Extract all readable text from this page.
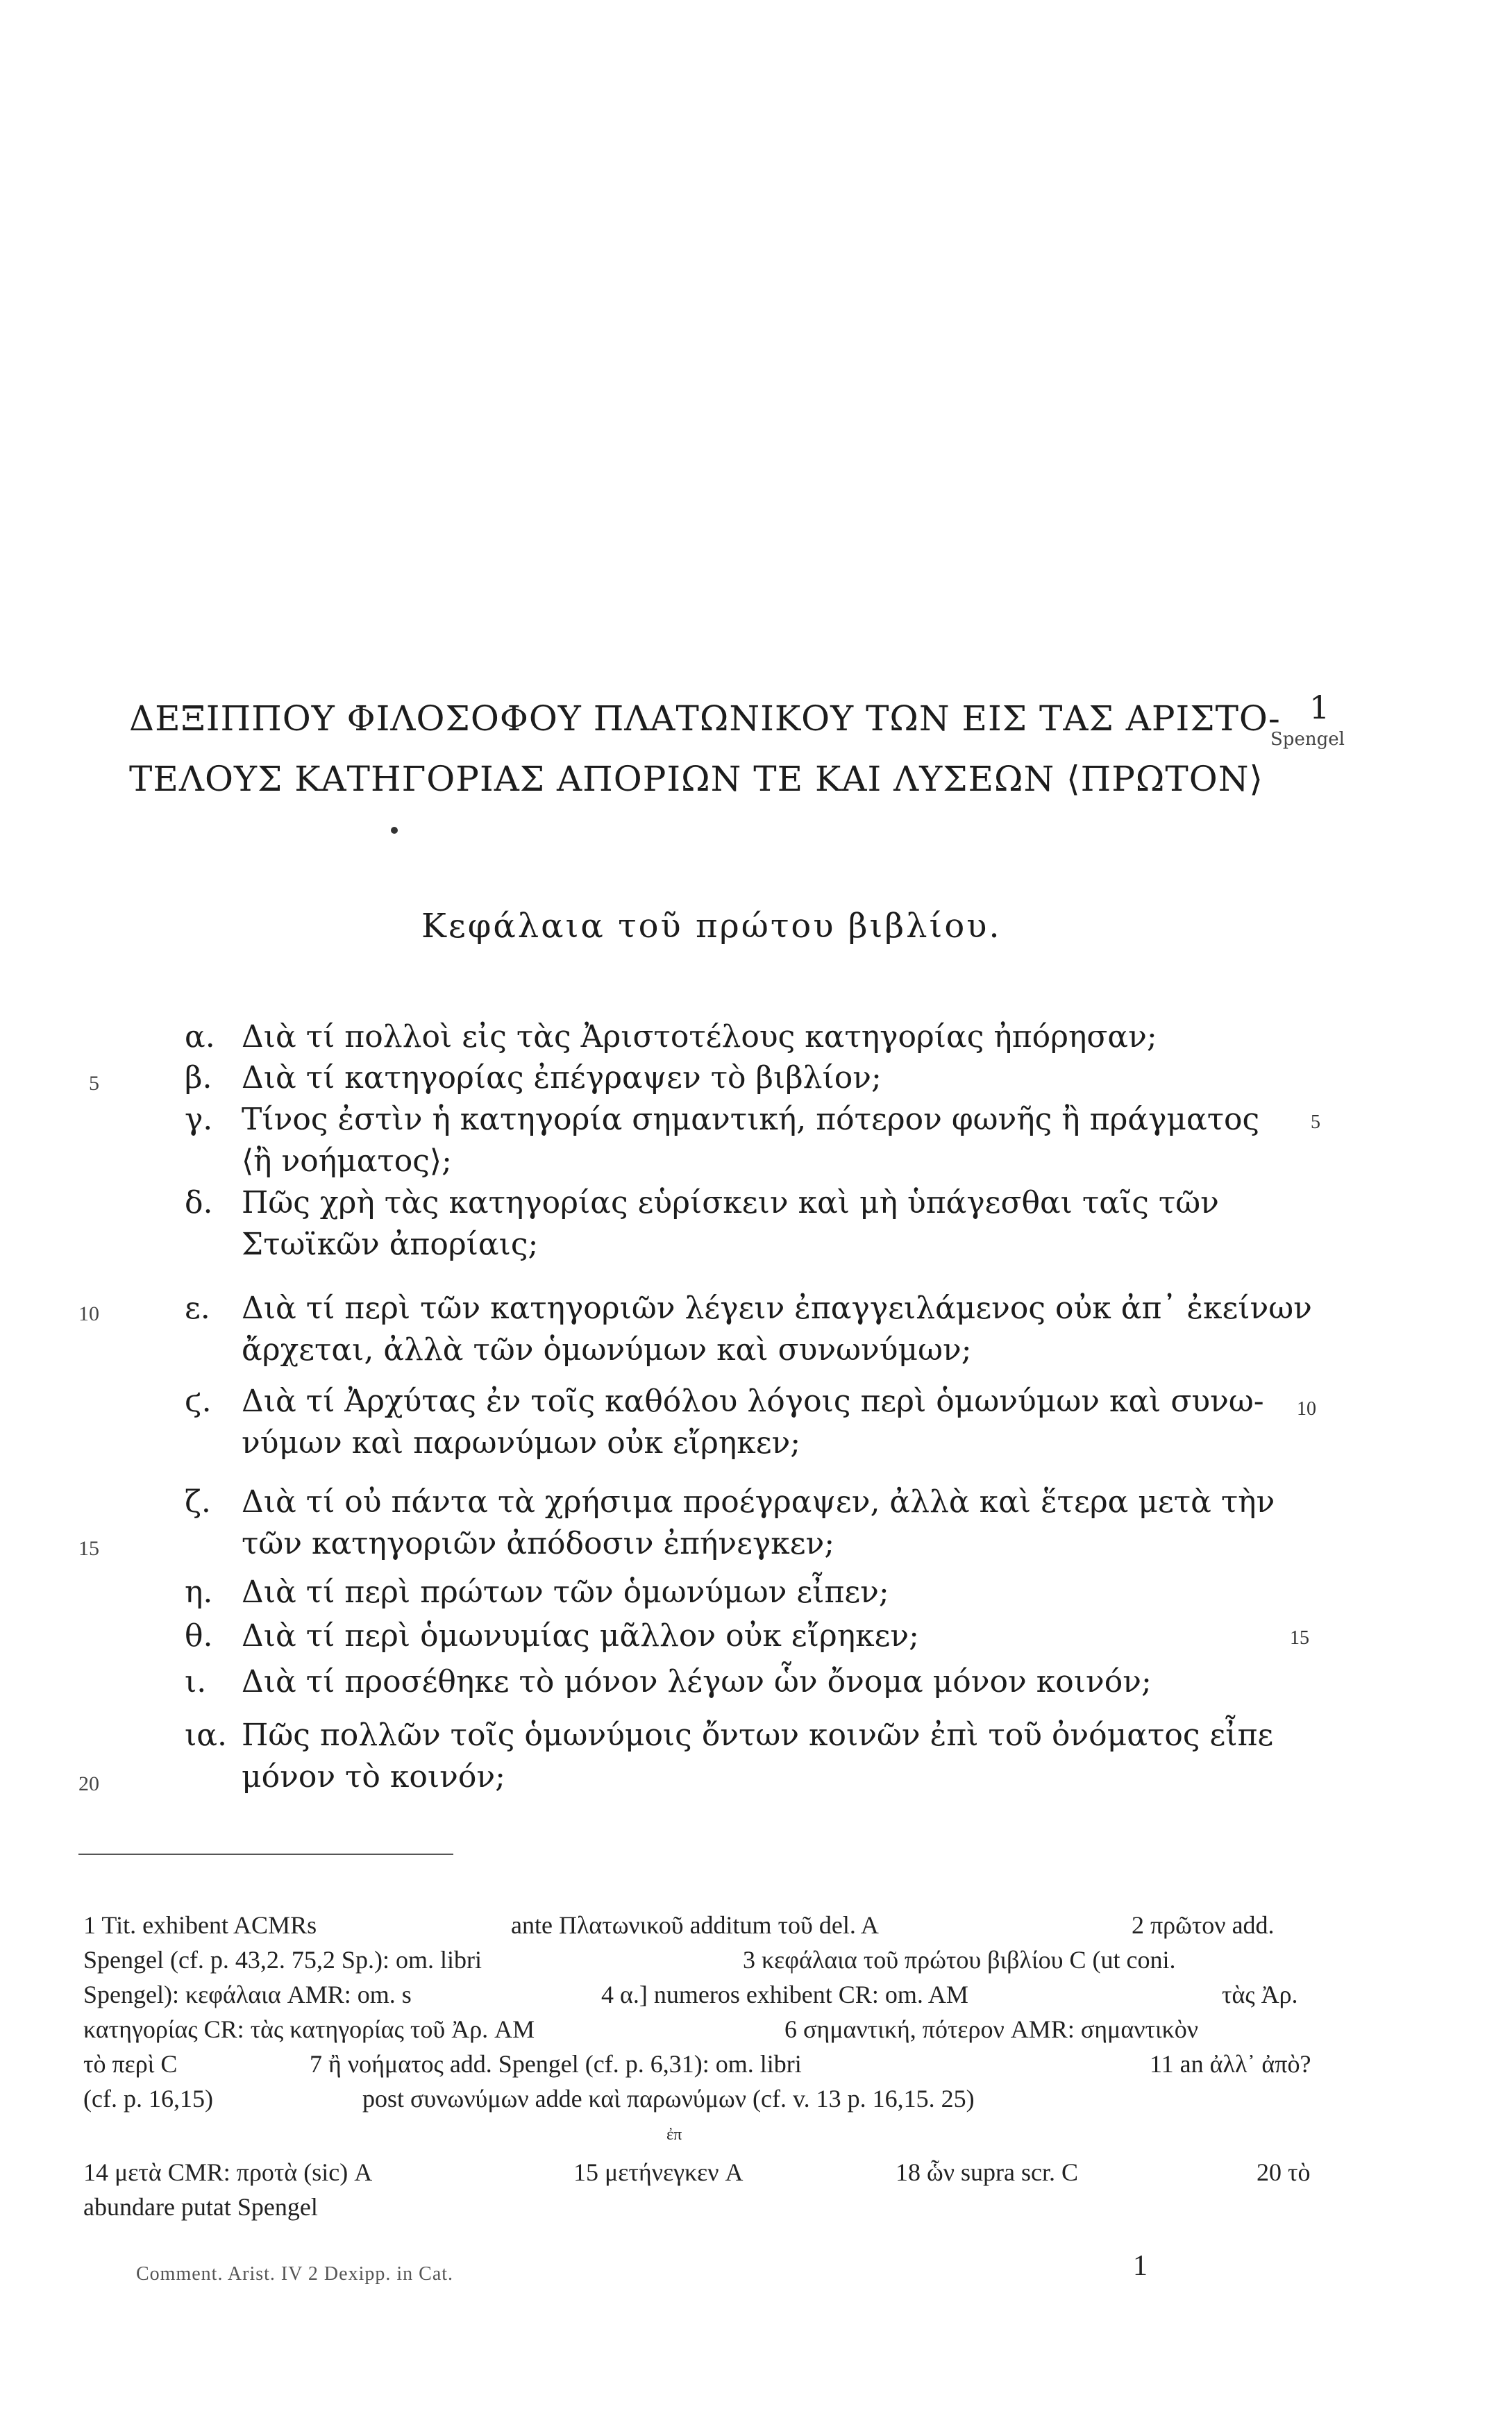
ΔΕΞΙΠΠΟΥ ΦΙΛΟΣΟΦΟΥ ΠΛΑΤΩΝΙΚΟΥ ΤΩΝ ΕΙΣ ΤΑΣ ΑΡΙΣΤΟ-
ΤΕΛΟΥΣ ΚΑΤΗΓΟΡΙΑΣ ΑΠΟΡΙΩΝ ΤΕ ΚΑΙ ΛΥΣΕΩΝ ⟨ΠΡΩΤΟΝ⟩
1
Spengel
Κεφάλαια τοῦ πρώτου βιβλίου.
5
10
15
20
5
10
15
α. Διὰ τί πολλοὶ εἰς τὰς Ἀριστοτέλους κατηγορίας ἠπόρησαν;
β. Διὰ τί κατηγορίας ἐπέγραψεν τὸ βιβλίον;
γ. Τίνος ἐστὶν ἡ κατηγορία σημαντική, πότερον φωνῆς ἢ πράγματος
⟨ἢ νοήματος⟩;
δ. Πῶς χρὴ τὰς κατηγορίας εὑρίσκειν καὶ μὴ ὑπάγεσθαι ταῖς τῶν
Στωϊκῶν ἀπορίαις;
ε. Διὰ τί περὶ τῶν κατηγοριῶν λέγειν ἐπαγγειλάμενος οὐκ ἀπ᾽ ἐκείνων
ἄρχεται, ἀλλὰ τῶν ὁμωνύμων καὶ συνωνύμων;
ϛ. Διὰ τί Ἀρχύτας ἐν τοῖς καθόλου λόγοις περὶ ὁμωνύμων καὶ συνω-
νύμων καὶ παρωνύμων οὐκ εἴρηκεν;
ζ. Διὰ τί οὐ πάντα τὰ χρήσιμα προέγραψεν, ἀλλὰ καὶ ἕτερα μετὰ τὴν
τῶν κατηγοριῶν ἀπόδοσιν ἐπήνεγκεν;
η. Διὰ τί περὶ πρώτων τῶν ὁμωνύμων εἶπεν;
θ. Διὰ τί περὶ ὁμωνυμίας μᾶλλον οὐκ εἴρηκεν;
ι. Διὰ τί προσέθηκε τὸ μόνον λέγων ὧν ὄνομα μόνον κοινόν;
ια. Πῶς πολλῶν τοῖς ὁμωνύμοις ὄντων κοινῶν ἐπὶ τοῦ ὀνόματος εἶπε
μόνον τὸ κοινόν;
1 Tit. exhibent ACMRs	ante Πλατωνικοῦ additum τοῦ del. A	2 πρῶτον add.
Spengel (cf. p. 43,2. 75,2 Sp.): om. libri	3 κεφάλαια τοῦ πρώτου βιβλίου C (ut coni.
Spengel): κεφάλαια AMR: om. s	4 α.] numeros exhibent CR: om. AM	τὰς Ἀρ.
κατηγορίας CR: τὰς κατηγορίας τοῦ Ἀρ. AM	6 σημαντική, πότερον AMR: σημαντικὸν
τὸ περὶ C	7 ἢ νοήματος add. Spengel (cf. p. 6,31): om. libri	11 an ἀλλ᾽ ἀπὸ?
(cf. p. 16,15)	post συνωνύμων adde καὶ παρωνύμων (cf. v. 13 p. 16,15. 25)
ἐπ
14 μετὰ CMR: προτὰ (sic) A	15 μετήνεγκεν A	18 ὧν supra scr. C	20 τὸ
abundare putat Spengel
Comment. Arist. IV 2 Dexipp. in Cat.	1
